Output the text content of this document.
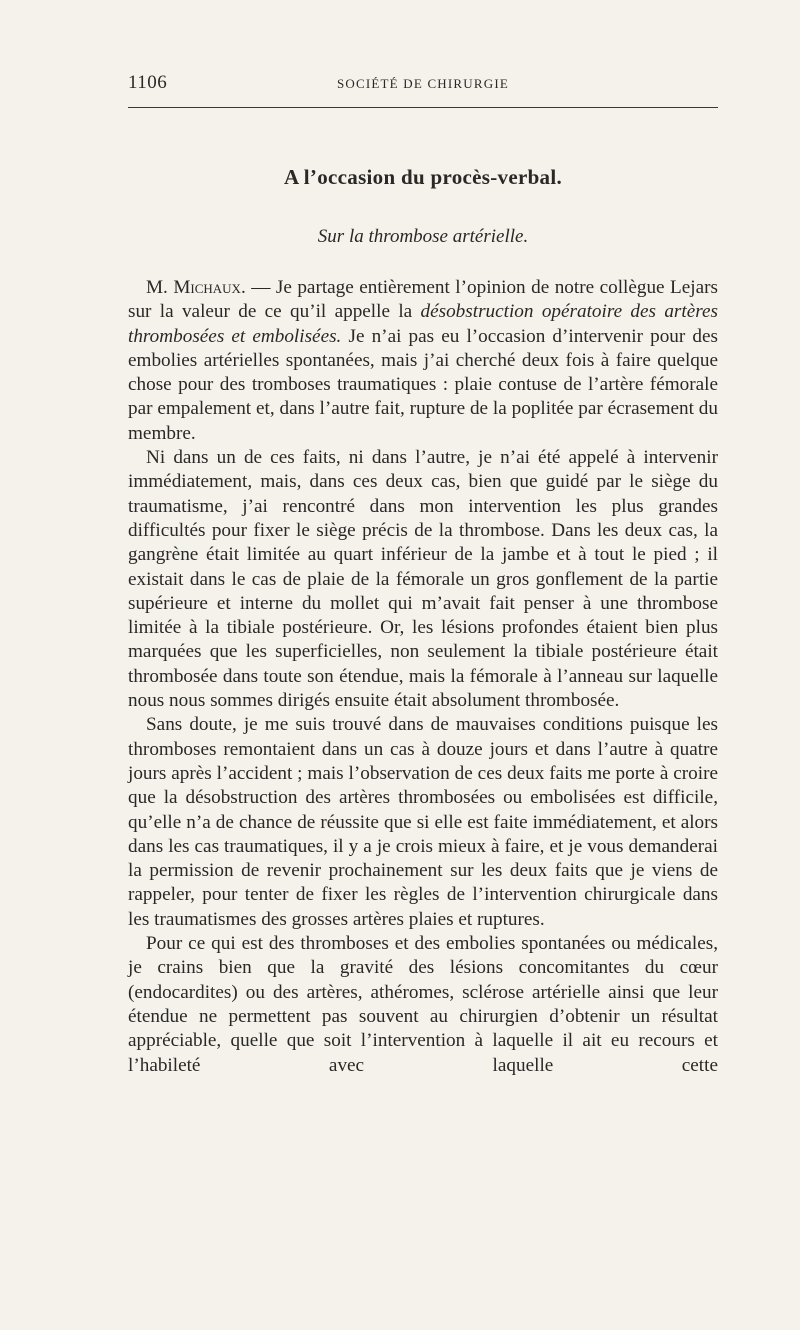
1106	SOCIÉTÉ DE CHIRURGIE
A l’occasion du procès-verbal.
Sur la thrombose artérielle.

M. Michaux. — Je partage entièrement l’opinion de notre collègue Lejars sur la valeur de ce qu’il appelle la désobstruction opératoire des artères thrombosées et embolisées. Je n’ai pas eu l’occasion d’intervenir pour des embolies artérielles spontanées, mais j’ai cherché deux fois à faire quelque chose pour des tromboses traumatiques : plaie contuse de l’artère fémorale par empalement et, dans l’autre fait, rupture de la poplitée par écrasement du membre.

Ni dans un de ces faits, ni dans l’autre, je n’ai été appelé à intervenir immédiatement, mais, dans ces deux cas, bien que guidé par le siège du traumatisme, j’ai rencontré dans mon intervention les plus grandes difficultés pour fixer le siège précis de la thrombose. Dans les deux cas, la gangrène était limitée au quart inférieur de la jambe et à tout le pied ; il existait dans le cas de plaie de la fémorale un gros gonflement de la partie supérieure et interne du mollet qui m’avait fait penser à une thrombose limitée à la tibiale postérieure. Or, les lésions profondes étaient bien plus marquées que les superficielles, non seulement la tibiale postérieure était thrombosée dans toute son étendue, mais la fémorale à l’anneau sur laquelle nous nous sommes dirigés ensuite était absolument thrombosée.

Sans doute, je me suis trouvé dans de mauvaises conditions puisque les thromboses remontaient dans un cas à douze jours et dans l’autre à quatre jours après l’accident ; mais l’observation de ces deux faits me porte à croire que la désobstruction des artères thrombosées ou embolisées est difficile, qu’elle n’a de chance de réussite que si elle est faite immédiatement, et alors dans les cas traumatiques, il y a je crois mieux à faire, et je vous demanderai la permission de revenir prochainement sur les deux faits que je viens de rappeler, pour tenter de fixer les règles de l’intervention chirurgicale dans les traumatismes des grosses artères plaies et ruptures.

Pour ce qui est des thromboses et des embolies spontanées ou médicales, je crains bien que la gravité des lésions concomitantes du cœur (endocardites) ou des artères, athéromes, sclérose artérielle ainsi que leur étendue ne permettent pas souvent au chirurgien d’obtenir un résultat appréciable, quelle que soit l’intervention à laquelle il ait eu recours et l’habileté avec laquelle cette
